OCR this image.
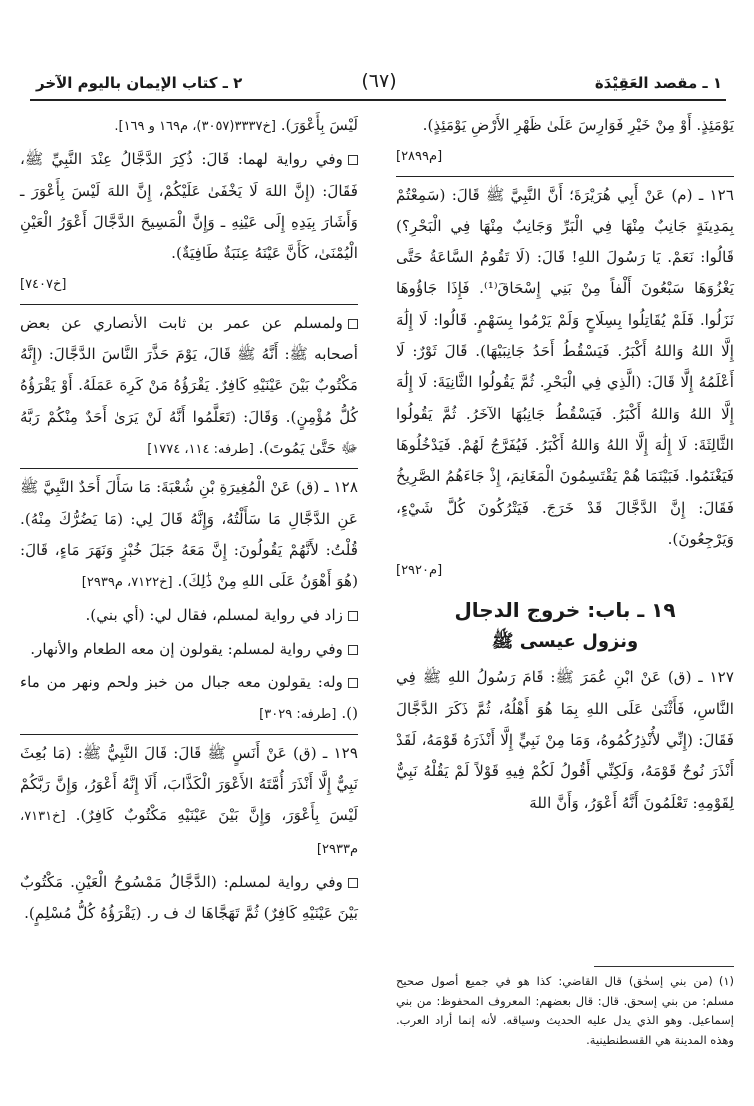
١ ـ مقصد العَقِيْدَة
(٦٧)
٢ ـ كتاب الإيمان باليوم الآخر

يَوْمَئِذٍ. أَوْ مِنْ خَيْرِ فَوَارِسَ عَلَىٰ ظَهْرِ الأَرْضِ يَوْمَئِذٍ).
[م٢٨٩٩]

١٢٦ ـ (م) عَنْ أَبِي هُرَيْرَةَ؛ أَنَّ النَّبِيَّ ﷺ قَالَ: (سَمِعْتُمْ بِمَدِينَةٍ جَانِبٌ مِنْهَا فِي الْبَرِّ وَجَانِبٌ مِنْهَا فِي الْبَحْرِ؟) قَالُوا: نَعَمْ. يَا رَسُولَ اللهِ! قَالَ: (لَا تَقُومُ السَّاعَةُ حَتَّى يَغْزُوَهَا سَبْعُونَ أَلْفاً مِنْ بَنِي إِسْحَاقَ⁽¹⁾. فَإِذَا جَاؤُوهَا نَزَلُوا. فَلَمْ يُقَاتِلُوا بِسِلَاحٍ وَلَمْ يَرْمُوا بِسَهْمٍ. قَالُوا: لَا إِلَٰهَ إِلَّا اللهُ وَاللهُ أَكْبَرُ. فَيَسْقُطُ أَحَدُ جَانِبَيْهَا). قَالَ ثَوْرٌ: لَا أَعْلَمُهُ إِلَّا قَالَ: (الَّذِي فِي الْبَحْرِ. ثُمَّ يَقُولُوا الثَّانِيَةَ: لَا إِلَٰهَ إِلَّا اللهُ وَاللهُ أَكْبَرُ. فَيَسْقُطُ جَانِبُهَا الآخَرُ. ثُمَّ يَقُولُوا الثَّالِثَةَ: لَا إِلَٰهَ إِلَّا اللهُ وَاللهُ أَكْبَرُ. فَيُفَرَّجُ لَهُمْ. فَيَدْخُلُوهَا فَيَغْنَمُوا. فَبَيْنَمَا هُمْ يَقْتَسِمُونَ الْمَغَانِمَ، إِذْ جَاءَهُمُ الصَّرِيخُ فَقَالَ: إِنَّ الدَّجَّالَ قَدْ خَرَجَ. فَيَتْرُكُونَ كُلَّ شَيْءٍ، وَيَرْجِعُونَ).
[م٢٩٢٠]

١٩ ـ باب: خروج الدجال
ونزول عيسى ﷺ

١٢٧ ـ (ق) عَنْ ابْنِ عُمَرَ ﷺ: قَامَ رَسُولُ اللهِ ﷺ فِي النَّاسِ، فَأَثْنَىٰ عَلَى اللهِ بِمَا هُوَ أَهْلُهُ، ثُمَّ ذَكَرَ الدَّجَّالَ فَقَالَ: (إِنِّي لأُنْذِرُكُمُوهُ، وَمَا مِنْ نَبِيٍّ إِلَّا أَنْذَرَهُ قَوْمَهُ، لَقَدْ أَنْذَرَ نُوحٌ قَوْمَهُ، وَلَكِنِّي أَقُولُ لَكُمْ فِيهِ قَوْلاً لَمْ يَقُلْهُ نَبِيٌّ لِقَوْمِهِ: تَعْلَمُونَ أَنَّهُ أَعْوَرُ، وَأَنَّ اللهَ

(١)(من بني إسحٰق) قال القاضي: كذا هو في جميع أصول صحيح مسلم: من بني إسحق. قال: قال بعضهم: المعروف المحفوظ: من بني إسماعيل. وهو الذي يدل عليه الحديث وسياقه. لأنه إنما أراد العرب. وهذه المدينة هي القسطنطينية.

لَيْسَ بِأَعْوَرَ). [خ٣٣٣٧(٣٠٥٧)، م١٦٩ و ١٦٩].

وفي رواية لهما: قَالَ: ذُكِرَ الدَّجَّالُ عِنْدَ النَّبِيِّ ﷺ، فَقَالَ: (إِنَّ اللهَ لَا يَخْفَىٰ عَلَيْكُمْ، إِنَّ اللهَ لَيْسَ بِأَعْوَرَ ـ وَأَشَارَ بِيَدِهِ إِلَى عَيْنِهِ ـ وَإِنَّ الْمَسِيحَ الدَّجَّالَ أَعْوَرُ الْعَيْنِ الْيُمْنَىٰ، كَأَنَّ عَيْنَهُ عِنَبَةٌ طَافِيَةٌ).
[خ٧٤٠٧]

ولمسلم عن عمر بن ثابت الأنصاري عن بعض أصحابه ﷺ: أَنَّهُ ﷺ قَالَ، يَوْمَ حَذَّرَ النَّاسَ الدَّجَّالَ: (إِنَّهُ مَكْتُوبٌ بَيْنَ عَيْنَيْهِ كَافِرٌ. يَقْرَؤُهُ مَنْ كَرِهَ عَمَلَهُ. أَوْ يَقْرَؤُهُ كُلُّ مُؤْمِنٍ). وَقَالَ: (تَعَلَّمُوا أَنَّهُ لَنْ يَرَىٰ أَحَدٌ مِنْكُمْ رَبَّهُ ﷻ حَتَّىٰ يَمُوتَ). [طرفه: ١١٤، ١٧٧٤]

١٢٨ ـ (ق) عَنْ الْمُغِيرَةِ بْنِ شُعْبَةَ: مَا سَأَلَ أَحَدٌ النَّبِيَّ ﷺ عَنِ الدَّجَّالِ مَا سَأَلْتُهُ، وَإِنَّهُ قَالَ لِي: (مَا يَضُرُّكَ مِنْهُ). قُلْتُ: لأَنَّهُمْ يَقُولُونَ: إِنَّ مَعَهُ جَبَلَ خُبْزٍ وَنَهَرَ مَاءٍ، قَالَ: (هُوَ أَهْوَنُ عَلَى اللهِ مِنْ ذَٰلِكَ). [خ٧١٢٢، م٢٩٣٩]

زاد في رواية لمسلم، فقال لي: (أي بني).

وفي رواية لمسلم: يقولون إن معه الطعام والأنهار.

وله: يقولون معه جبال من خبز ولحم ونهر من ماء (). [طرفه: ٣٠٢٩]

١٢٩ ـ (ق) عَنْ أَنَسٍ ﷺ قَالَ: قَالَ النَّبِيُّ ﷺ: (مَا بُعِثَ نَبِيٌّ إِلَّا أَنْذَرَ أُمَّتَهُ الأَعْوَرَ الْكَذَّابَ، أَلَا إِنَّهُ أَعْوَرُ، وَإِنَّ رَبَّكُمْ لَيْسَ بِأَعْوَرَ، وَإِنَّ بَيْنَ عَيْنَيْهِ مَكْتُوبٌ كَافِرٌ). [خ٧١٣١، م٢٩٣٣]

وفي رواية لمسلم: (الدَّجَّالُ مَمْسُوحُ الْعَيْنِ. مَكْتُوبٌ بَيْنَ عَيْنَيْهِ كَافِرٌ) ثُمَّ تَهَجَّاهَا ك ف ر. (يَقْرَؤُهُ كُلُّ مُسْلِمٍ).
